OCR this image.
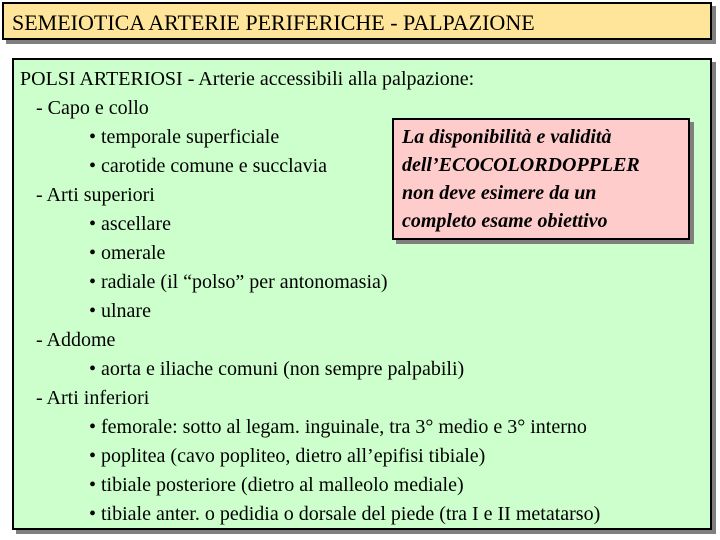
SEMEIOTICA ARTERIE PERIFERICHE - PALPAZIONE
POLSI ARTERIOSI - Arterie accessibili alla palpazione:
- Capo e collo
• temporale superficiale
• carotide comune e succlavia
- Arti superiori
• ascellare
• omerale
• radiale (il “polso” per antonomasia)
• ulnare
- Addome
• aorta e iliache comuni (non sempre palpabili)
- Arti inferiori
• femorale: sotto al legam. inguinale, tra 3° medio e 3° interno
• poplitea (cavo popliteo, dietro all’epifisi tibiale)
• tibiale posteriore (dietro al malleolo mediale)
• tibiale anter. o pedidia o dorsale del piede (tra I e II metatarso)
La disponibilità e validità
dell’ECOCOLORDOPPLER
non deve esimere da un
completo esame obiettivo
